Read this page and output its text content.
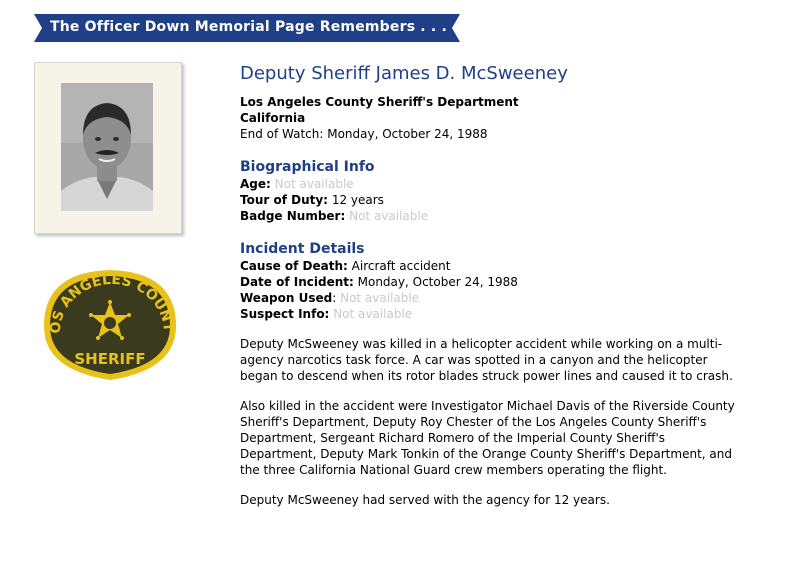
The Officer Down Memorial Page Remembers . . .
OS ANGELES COUNT
SHERIFF
Deputy Sheriff James D. McSweeney
Los Angeles County Sheriff's Department
California
End of Watch: Monday, October 24, 1988
Biographical Info
Age: Not available
Tour of Duty: 12 years
Badge Number: Not available
Incident Details
Cause of Death: Aircraft accident
Date of Incident: Monday, October 24, 1988
Weapon Used: Not available
Suspect Info: Not available
Deputy McSweeney was killed in a helicopter accident while working on a multi-agency narcotics task force. A car was spotted in a canyon and the helicopter began to descend when its rotor blades struck power lines and caused it to crash.
Also killed in the accident were Investigator Michael Davis of the Riverside County Sheriff's Department, Deputy Roy Chester of the Los Angeles County Sheriff's Department, Sergeant Richard Romero of the Imperial County Sheriff's Department, Deputy Mark Tonkin of the Orange County Sheriff's Department, and the three California National Guard crew members operating the flight.
Deputy McSweeney had served with the agency for 12 years.
